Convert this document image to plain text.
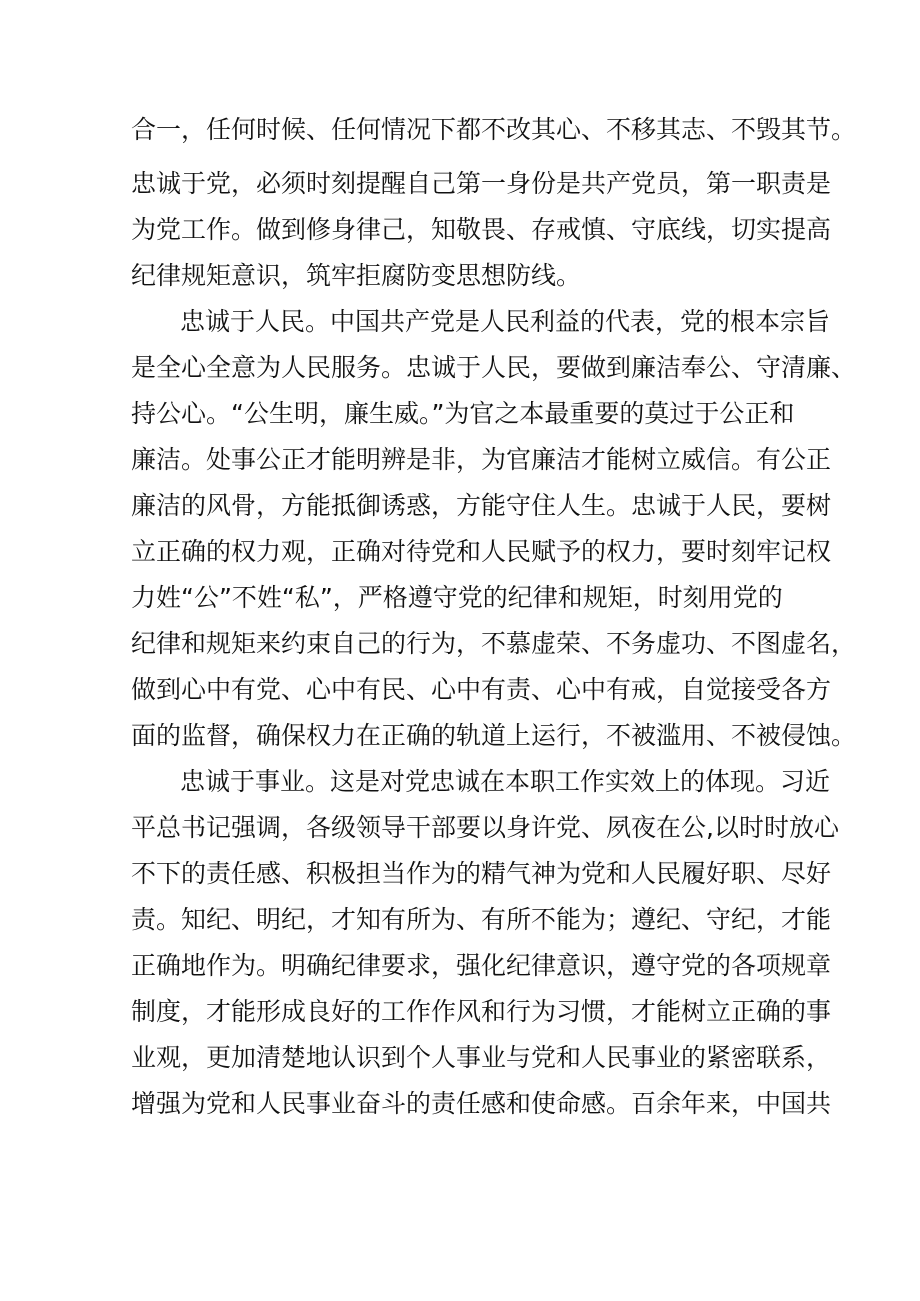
合一，任何时候、任何情况下都不改其心、不移其志、不毁其节。
忠诚于党，必须时刻提醒自己第一身份是共产党员，第一职责是
为党工作。做到修身律己，知敬畏、存戒慎、守底线，切实提高
纪律规矩意识，筑牢拒腐防变思想防线。
忠诚于人民。中国共产党是人民利益的代表，党的根本宗旨
是全心全意为人民服务。忠诚于人民，要做到廉洁奉公、守清廉、
持公心。“公生明，廉生威。”为官之本最重要的莫过于公正和
廉洁。处事公正才能明辨是非，为官廉洁才能树立威信。有公正
廉洁的风骨，方能抵御诱惑，方能守住人生。忠诚于人民，要树
立正确的权力观，正确对待党和人民赋予的权力，要时刻牢记权
力姓“公”不姓“私”，严格遵守党的纪律和规矩，时刻用党的
纪律和规矩来约束自己的行为，不慕虚荣、不务虚功、不图虚名，
做到心中有党、心中有民、心中有责、心中有戒，自觉接受各方
面的监督，确保权力在正确的轨道上运行，不被滥用、不被侵蚀。
忠诚于事业。这是对党忠诚在本职工作实效上的体现。习近
平总书记强调，各级领导干部要以身许党、夙夜在公,以时时放心
不下的责任感、积极担当作为的精气神为党和人民履好职、尽好
责。知纪、明纪，才知有所为、有所不能为；遵纪、守纪，才能
正确地作为。明确纪律要求，强化纪律意识，遵守党的各项规章
制度，才能形成良好的工作作风和行为习惯，才能树立正确的事
业观，更加清楚地认识到个人事业与党和人民事业的紧密联系，
增强为党和人民事业奋斗的责任感和使命感。百余年来，中国共
